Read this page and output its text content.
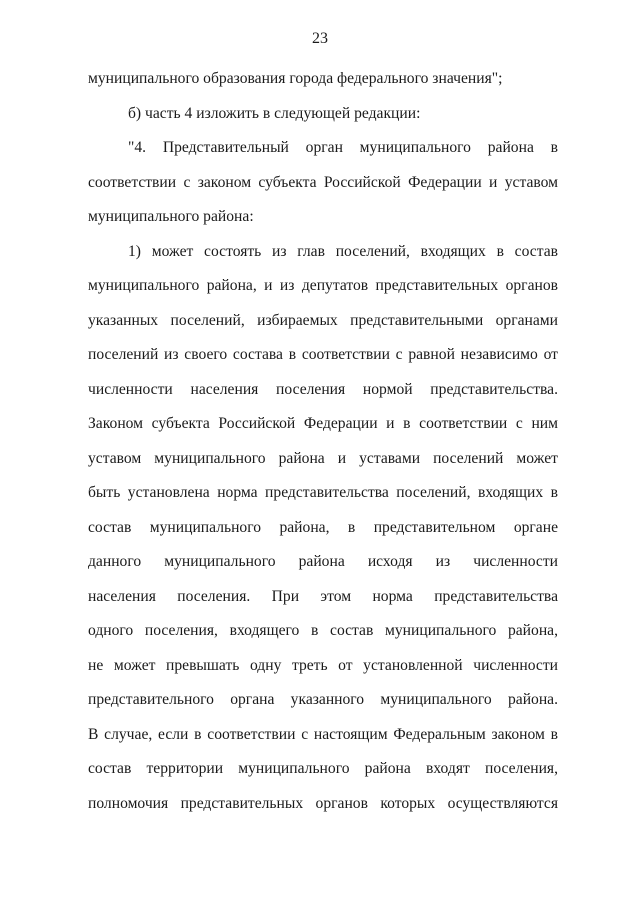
23
муниципального образования города федерального значения";
б) часть 4 изложить в следующей редакции:
"4. Представительный орган муниципального района в
соответствии с законом субъекта Российской Федерации и уставом
муниципального района:
1) может состоять из глав поселений, входящих в состав
муниципального района, и из депутатов представительных органов
указанных поселений, избираемых представительными органами
поселений из своего состава в соответствии с равной независимо от
численности населения поселения нормой представительства.
Законом субъекта Российской Федерации и в соответствии с ним
уставом муниципального района и уставами поселений может
быть установлена норма представительства поселений, входящих в
состав муниципального района, в представительном органе
данного муниципального района исходя из численности
населения поселения. При этом норма представительства
одного поселения, входящего в состав муниципального района,
не может превышать одну треть от установленной численности
представительного органа указанного муниципального района.
В случае, если в соответствии с настоящим Федеральным законом в
состав территории муниципального района входят поселения,
полномочия представительных органов которых осуществляются
